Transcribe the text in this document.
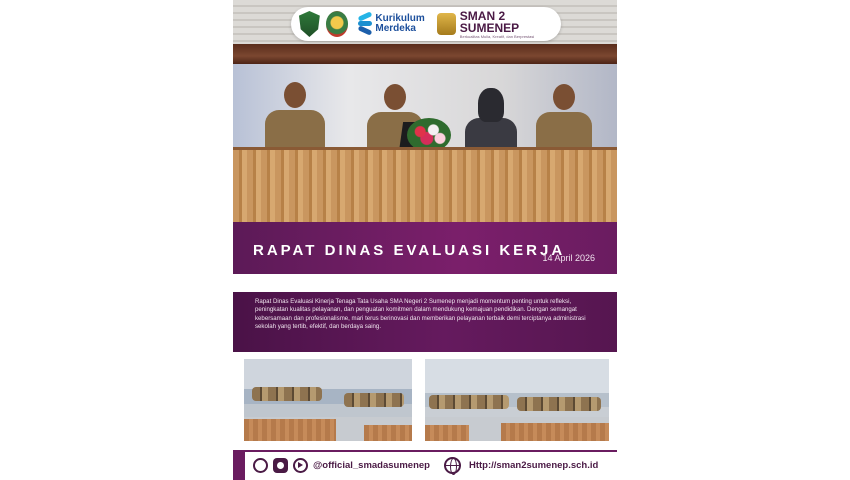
Kurikulum
Merdeka
SMAN 2 SUMENEP
Berkualitas Mulia, Kreatif, dan Berprestasi
RAPAT DINAS EVALUASI KERJA
14 April 2026

Rapat Dinas Evaluasi Kinerja Tenaga Tata Usaha SMA Negeri 2 Sumenep menjadi momentum penting untuk refleksi, peningkatan kualitas pelayanan, dan penguatan komitmen dalam mendukung kemajuan pendidikan. Dengan semangat kebersamaan dan profesionalisme, mari terus berinovasi dan memberikan pelayanan terbaik demi terciptanya administrasi sekolah yang tertib, efektif, dan berdaya saing.

@official_smadasumenep	Http://sman2sumenep.sch.id
